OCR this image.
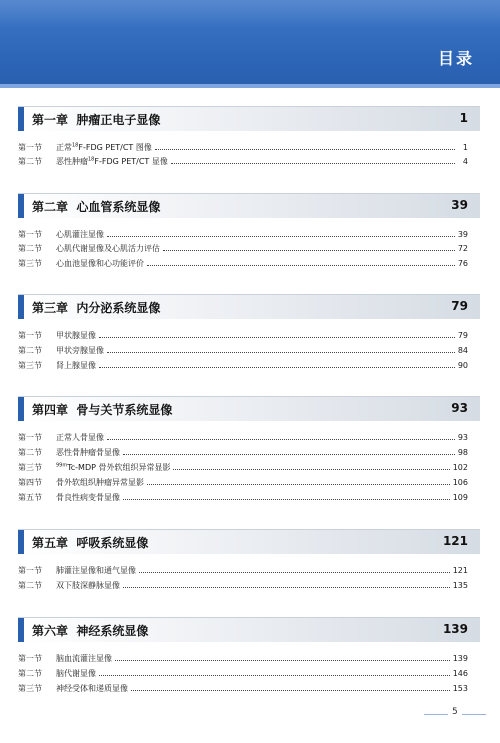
目录
第一章 肿瘤正电子显像	1
第一节	正常$^{18}$F-FDG PET/CT 图像	1
第二节	恶性肿瘤$^{18}$F-FDG PET/CT 显像	4
第二章 心血管系统显像	39
第一节	心肌灌注显像	39
第二节	心肌代谢显像及心肌活力评估	72
第三节	心血池显像和心功能评价	76
第三章 内分泌系统显像	79
第一节	甲状腺显像	79
第二节	甲状旁腺显像	84
第三节	肾上腺显像	90
第四章 骨与关节系统显像	93
第一节	正常人骨显像	93
第二节	恶性骨肿瘤骨显像	98
第三节	$^{99m}$Tc-MDP 骨外软组织异常显影	102
第四节	骨外软组织肿瘤异常显影	106
第五节	骨良性病变骨显像	109
第五章 呼吸系统显像	121
第一节	肺灌注显像和通气显像	121
第二节	双下肢深静脉显像	135
第六章 神经系统显像	139
第一节	脑血流灌注显像	139
第二节	脑代谢显像	146
第三节	神经受体和递质显像	153
5
